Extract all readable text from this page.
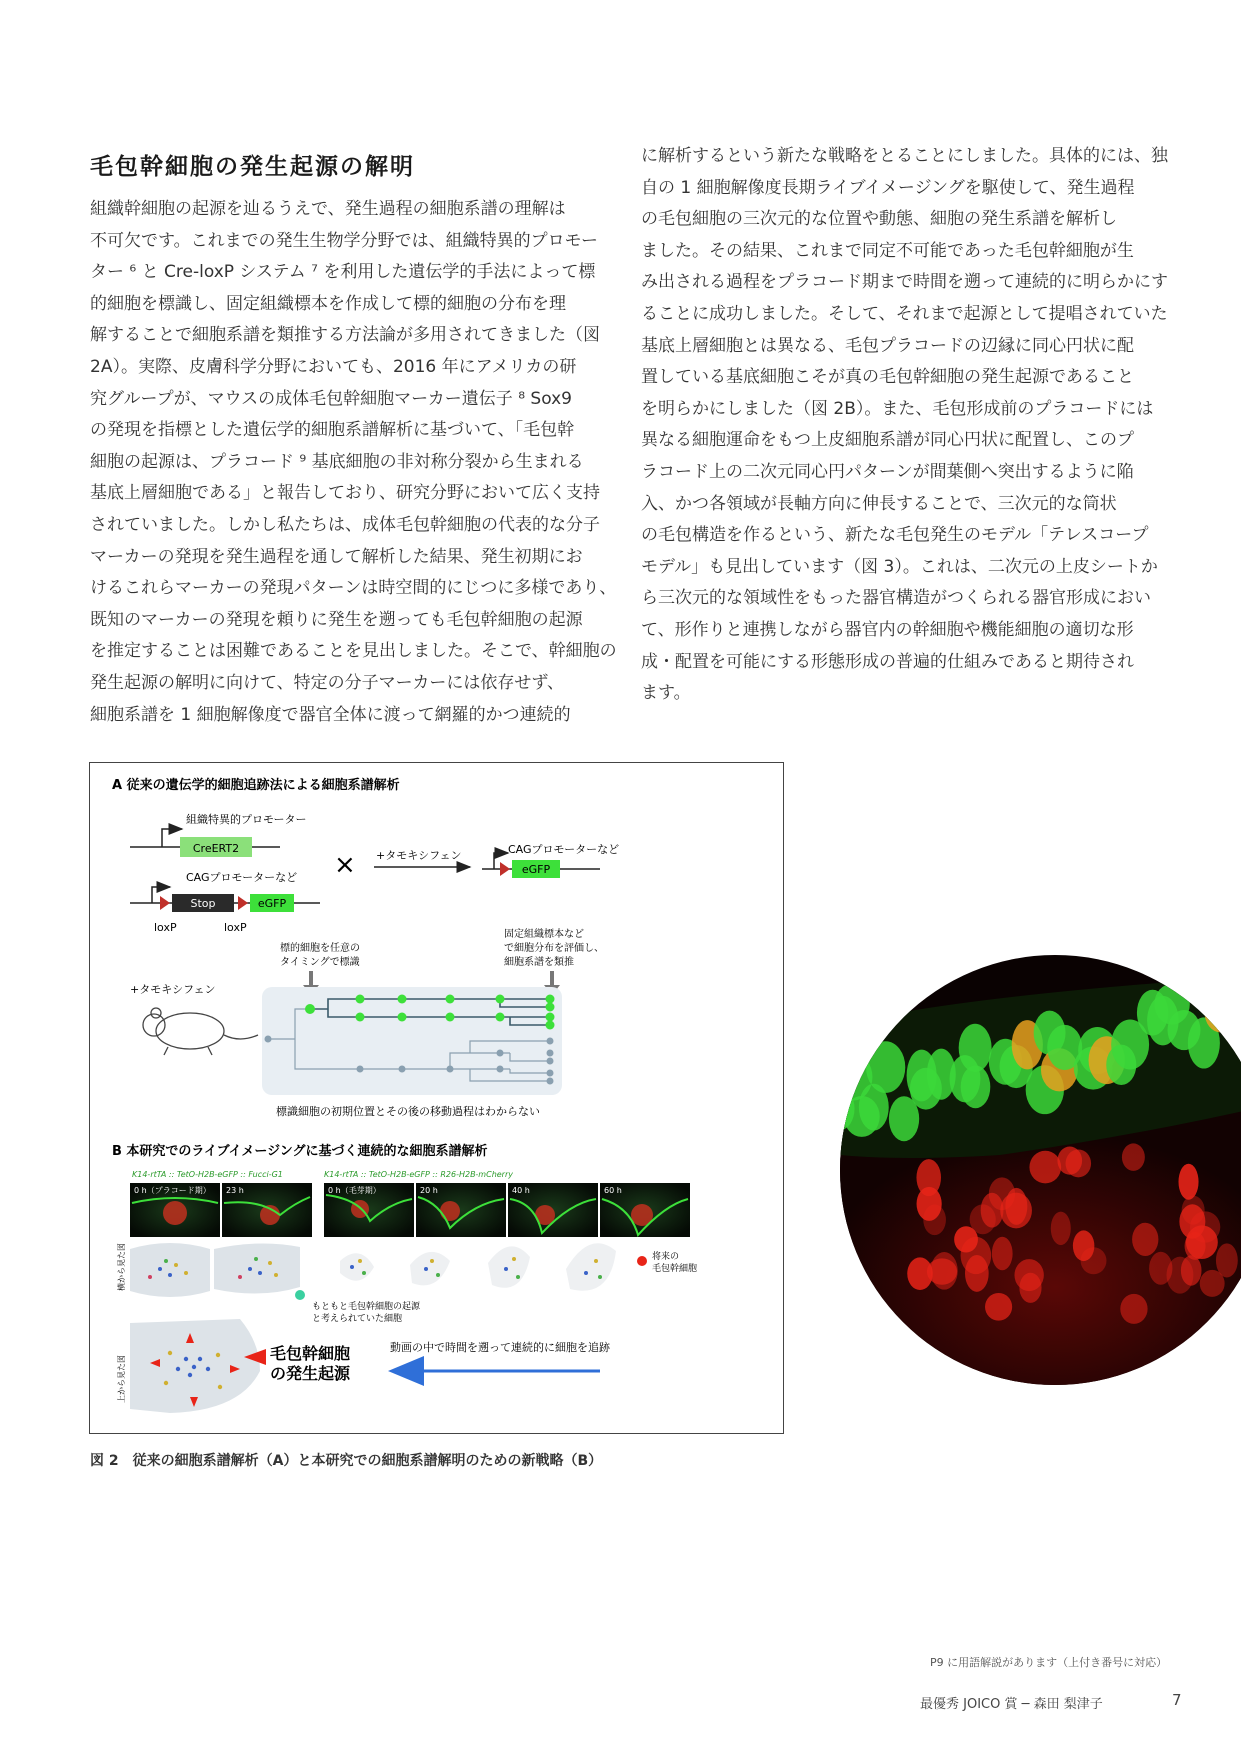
毛包幹細胞の発生起源の解明

組織幹細胞の起源を辿るうえで、発生過程の細胞系譜の理解は

不可欠です。これまでの発生生物学分野では、組織特異的プロモー

ター ⁶ と Cre-loxP システム ⁷ を利用した遺伝学的手法によって標

的細胞を標識し、固定組織標本を作成して標的細胞の分布を理

解することで細胞系譜を類推する方法論が多用されてきました（図

2A）。実際、皮膚科学分野においても、2016 年にアメリカの研

究グループが、マウスの成体毛包幹細胞マーカー遺伝子 ⁸ Sox9

の発現を指標とした遺伝学的細胞系譜解析に基づいて、「毛包幹

細胞の起源は、プラコード ⁹ 基底細胞の非対称分裂から生まれる

基底上層細胞である」と報告しており、研究分野において広く支持

されていました。しかし私たちは、成体毛包幹細胞の代表的な分子

マーカーの発現を発生過程を通して解析した結果、発生初期にお

けるこれらマーカーの発現パターンは時空間的にじつに多様であり、

既知のマーカーの発現を頼りに発生を遡っても毛包幹細胞の起源

を推定することは困難であることを見出しました。そこで、幹細胞の

発生起源の解明に向けて、特定の分子マーカーには依存せず、

細胞系譜を 1 細胞解像度で器官全体に渡って網羅的かつ連続的

に解析するという新たな戦略をとることにしました。具体的には、独

自の 1 細胞解像度長期ライブイメージングを駆使して、発生過程

の毛包細胞の三次元的な位置や動態、細胞の発生系譜を解析し

ました。その結果、これまで同定不可能であった毛包幹細胞が生

み出される過程をプラコード期まで時間を遡って連続的に明らかにす

ることに成功しました。そして、それまで起源として提唱されていた

基底上層細胞とは異なる、毛包プラコードの辺縁に同心円状に配

置している基底細胞こそが真の毛包幹細胞の発生起源であること

を明らかにしました（図 2B）。また、毛包形成前のプラコードには

異なる細胞運命をもつ上皮細胞系譜が同心円状に配置し、このプ

ラコード上の二次元同心円パターンが間葉側へ突出するように陥

入、かつ各領域が長軸方向に伸長することで、三次元的な筒状

の毛包構造を作るという、新たな毛包発生のモデル「テレスコープ

モデル」も見出しています（図 3）。これは、二次元の上皮シートか

ら三次元的な領域性をもった器官構造がつくられる器官形成におい

て、形作りと連携しながら器官内の幹細胞や機能細胞の適切な形

成・配置を可能にする形態形成の普遍的仕組みであると期待され

ます。

A 従来の遺伝学的細胞追跡法による細胞系譜解析
組織特異的プロモーター
CreERT2
CAGプロモーターなど
Stop	eGFP
loxP	loxP
× +タモキシフェン	CAGプロモーターなど
eGFP
標的細胞を任意の
タイミングで標識
固定組織標本など
で細胞分布を評価し、
細胞系譜を類推
+タモキシフェン
標識細胞の初期位置とその後の移動過程はわからない
B 本研究でのライブイメージングに基づく連続的な細胞系譜解析
K14-rtTA :: TetO-H2B-eGFP :: Fucci-G1	K14-rtTA :: TetO-H2B-eGFP :: R26-H2B-mCherry
0 h（プラコード期） 23 h	0 h（毛芽期）	20 h	40 h	60 h
横から見た図	将来の
毛包幹細胞
もともと毛包幹細胞の起源
と考えられていた細胞
上から見た図
毛包幹細胞
の発生起源
動画の中で時間を遡って連続的に細胞を追跡

図 2　従来の細胞系譜解析（A）と本研究での細胞系譜解明のための新戦略（B）

P9 に用語解説があります（上付き番号に対応）

最優秀 JOICO 賞 ─ 森田 梨津子	7
